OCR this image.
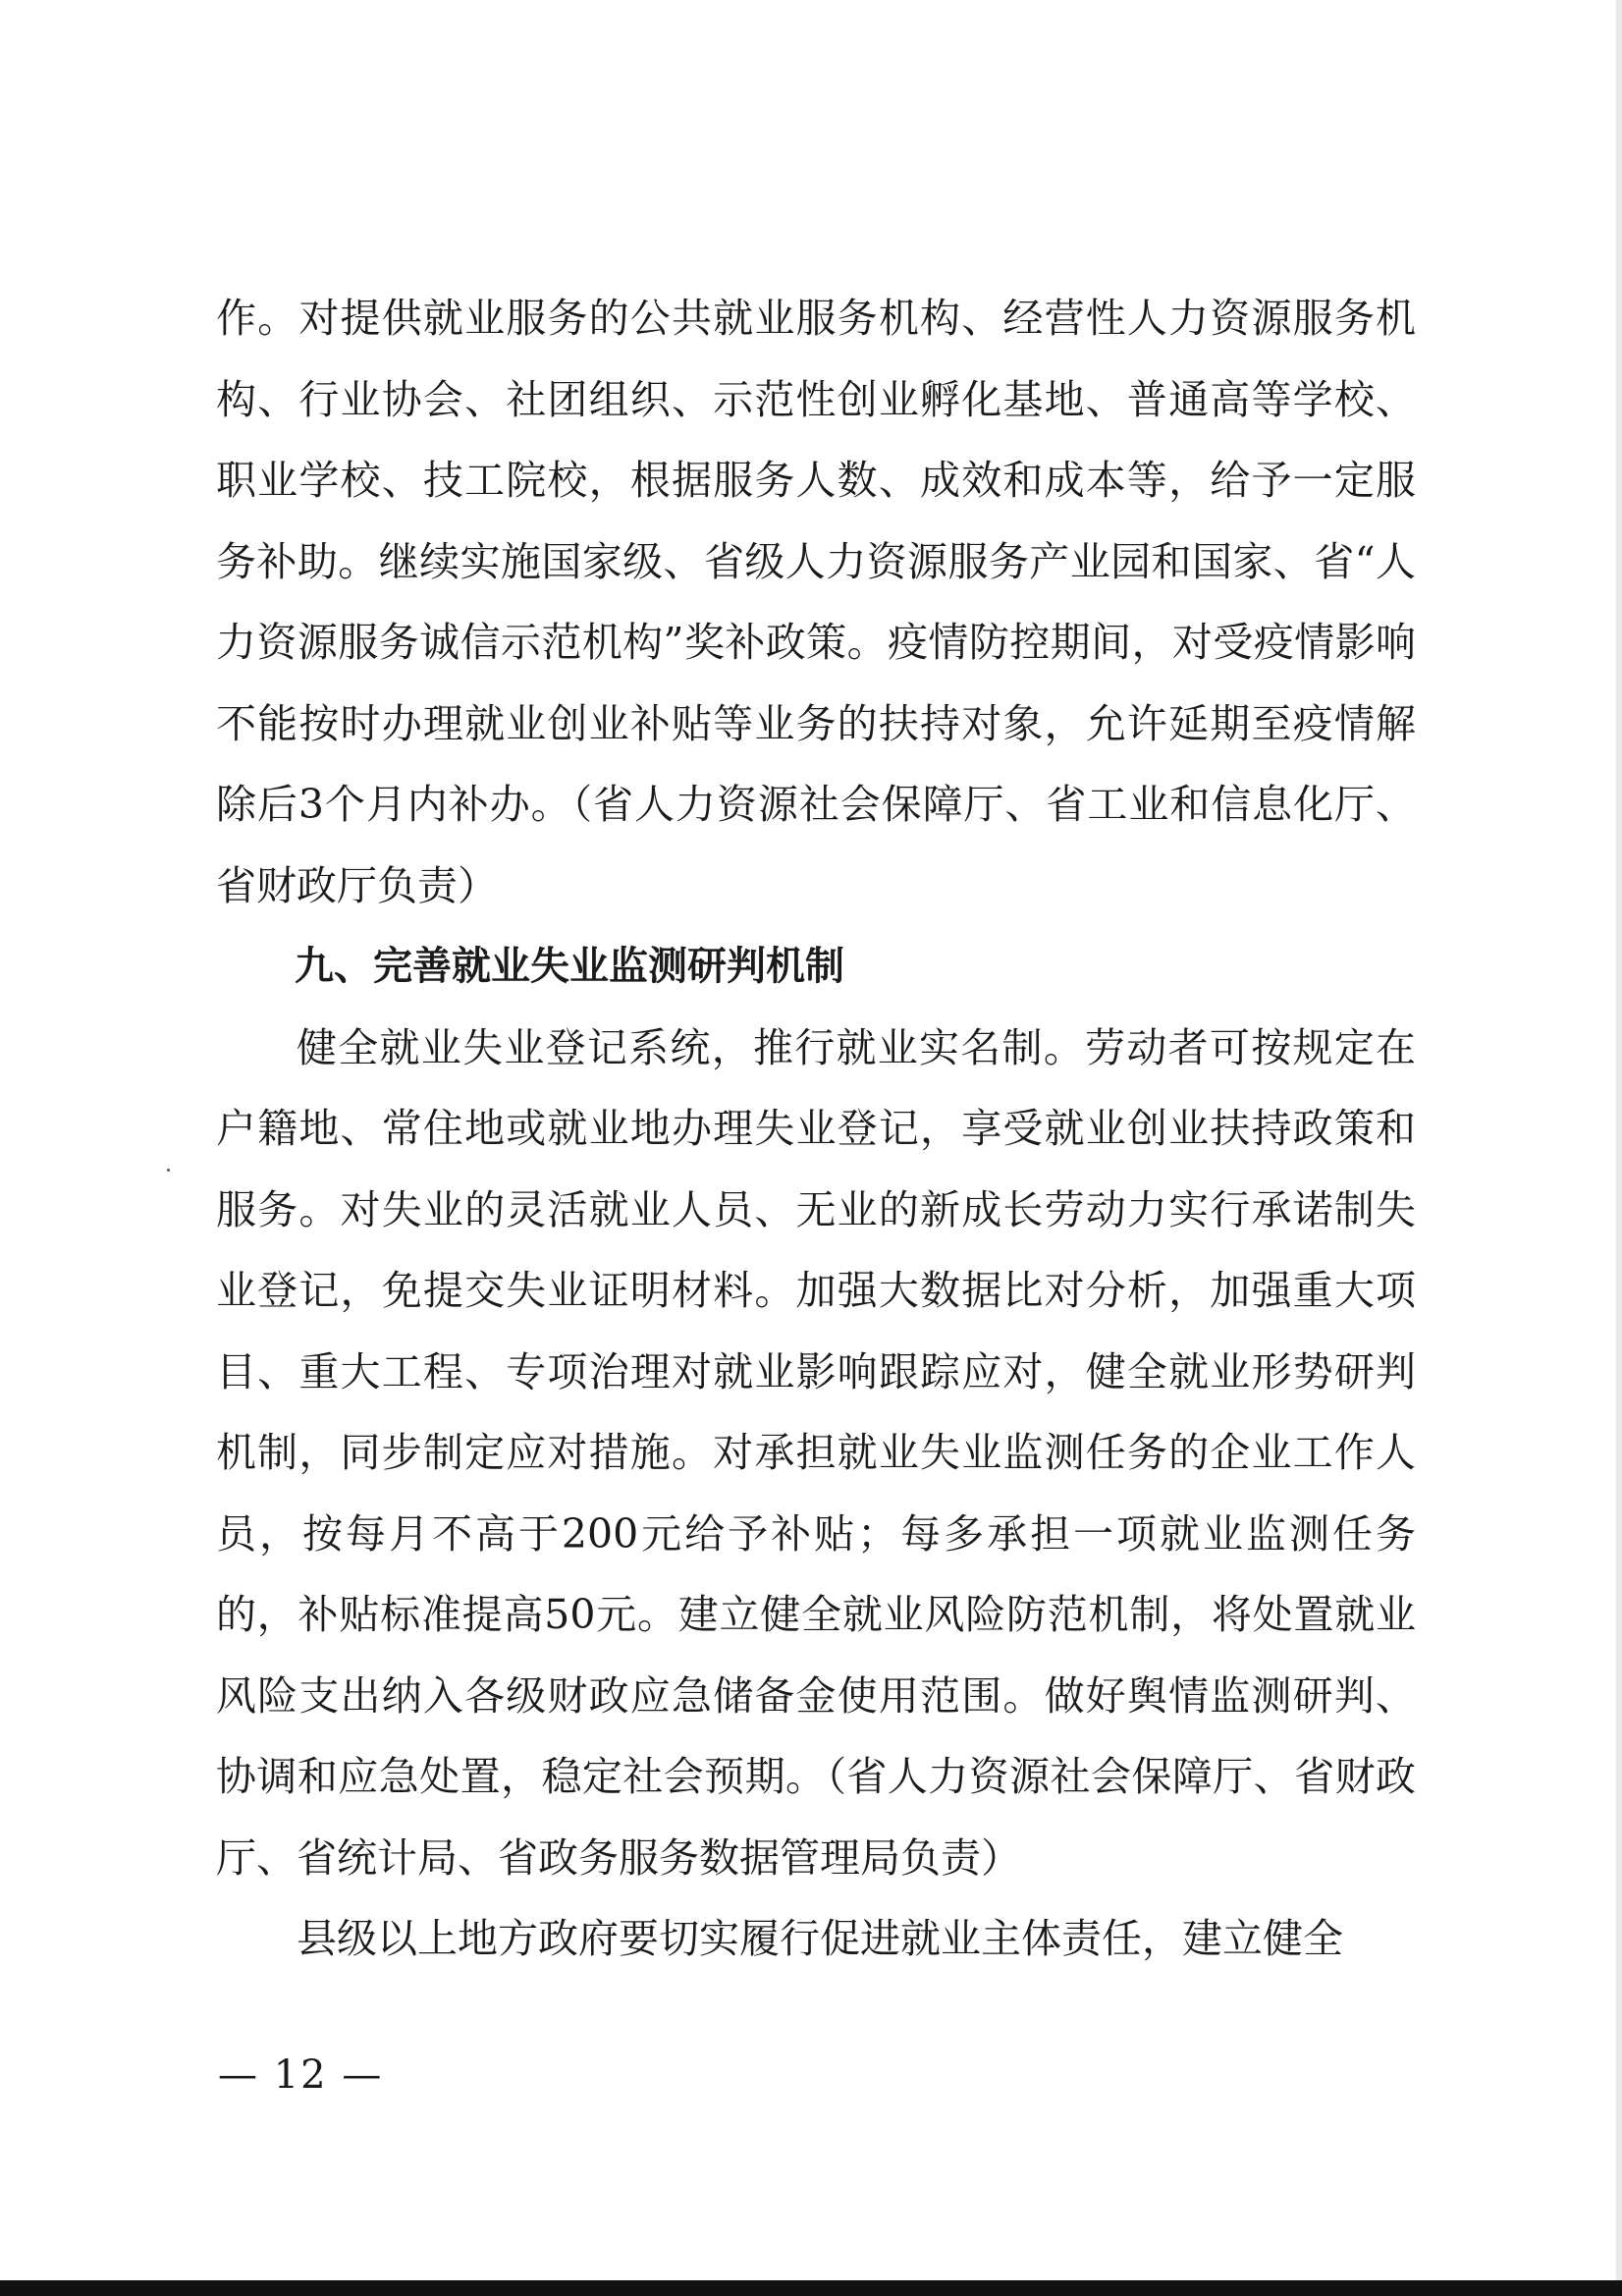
作。对提供就业服务的公共就业服务机构、经营性人力资源服务机构、行业协会、社团组织、示范性创业孵化基地、普通高等学校、职业学校、技工院校，根据服务人数、成效和成本等，给予一定服务补助。继续实施国家级、省级人力资源服务产业园和国家、省“人力资源服务诚信示范机构”奖补政策。疫情防控期间，对受疫情影响不能按时办理就业创业补贴等业务的扶持对象，允许延期至疫情解除后3个月内补办。（省人力资源社会保障厅、省工业和信息化厅、省财政厅负责）

九、完善就业失业监测研判机制

健全就业失业登记系统，推行就业实名制。劳动者可按规定在户籍地、常住地或就业地办理失业登记，享受就业创业扶持政策和服务。对失业的灵活就业人员、无业的新成长劳动力实行承诺制失业登记，免提交失业证明材料。加强大数据比对分析，加强重大项目、重大工程、专项治理对就业影响跟踪应对，健全就业形势研判机制，同步制定应对措施。对承担就业失业监测任务的企业工作人员，按每月不高于200元给予补贴；每多承担一项就业监测任务的，补贴标准提高50元。建立健全就业风险防范机制，将处置就业风险支出纳入各级财政应急储备金使用范围。做好舆情监测研判、协调和应急处置，稳定社会预期。（省人力资源社会保障厅、省财政厅、省统计局、省政务服务数据管理局负责）

县级以上地方政府要切实履行促进就业主体责任，建立健全

— 12 —
